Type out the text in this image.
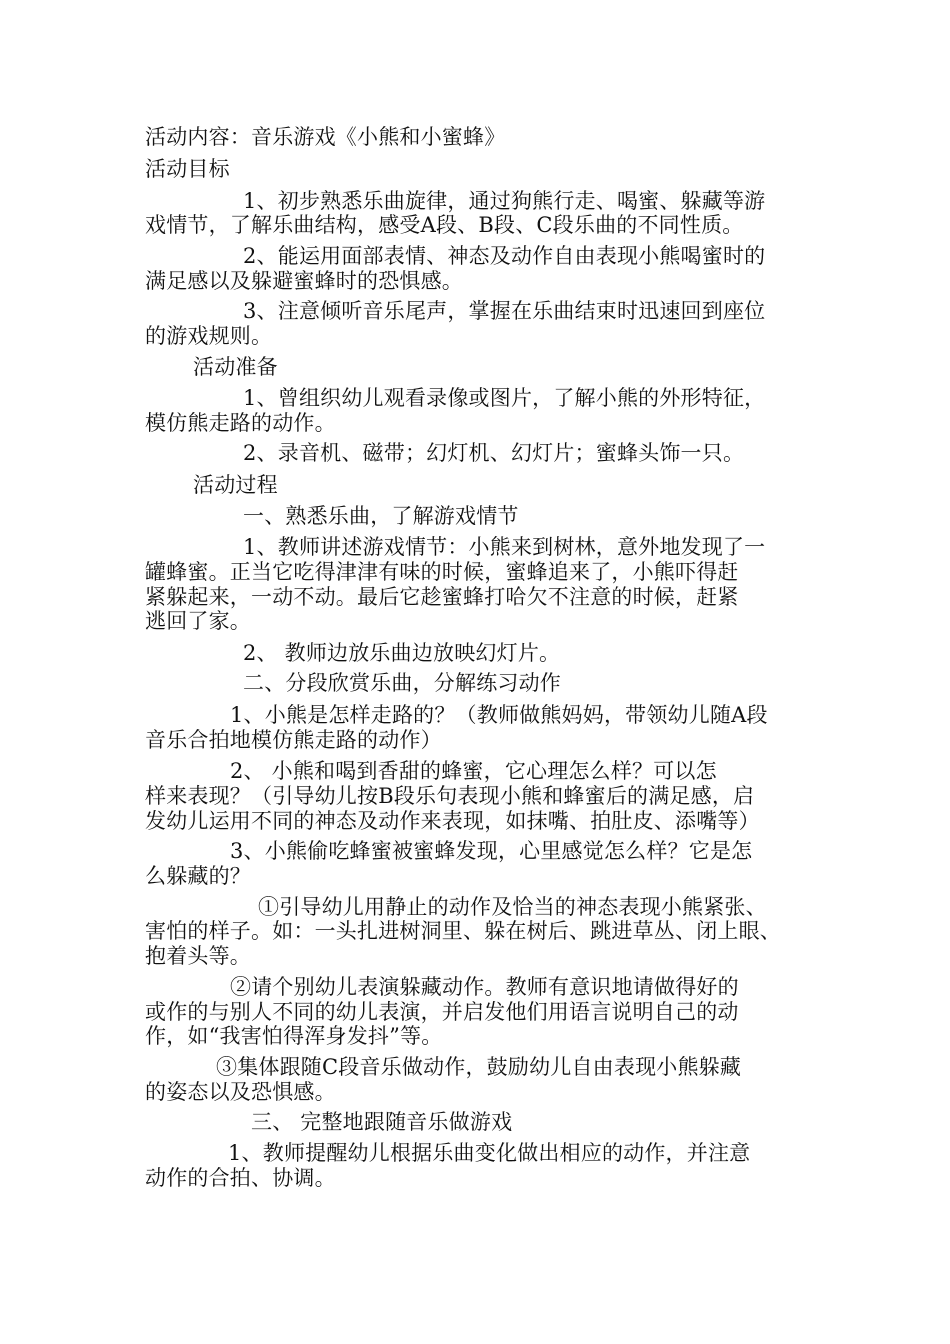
活动内容：音乐游戏《小熊和小蜜蜂》
活动目标
1、初步熟悉乐曲旋律，通过狗熊行走、喝蜜、躲藏等游
戏情节，了解乐曲结构，感受A段、B段、C段乐曲的不同性质。
2、能运用面部表情、神态及动作自由表现小熊喝蜜时的
满足感以及躲避蜜蜂时的恐惧感。
3、注意倾听音乐尾声，掌握在乐曲结束时迅速回到座位
的游戏规则。
活动准备
1、曾组织幼儿观看录像或图片，了解小熊的外形特征，
模仿熊走路的动作。
2、录音机、磁带；幻灯机、幻灯片；蜜蜂头饰一只。
活动过程
一、熟悉乐曲，了解游戏情节
1、教师讲述游戏情节：小熊来到树林，意外地发现了一
罐蜂蜜。正当它吃得津津有味的时候，蜜蜂追来了，小熊吓得赶
紧躲起来，一动不动。最后它趁蜜蜂打哈欠不注意的时候，赶紧
逃回了家。
2、 教师边放乐曲边放映幻灯片。
二、分段欣赏乐曲，分解练习动作
1、小熊是怎样走路的？（教师做熊妈妈，带领幼儿随A段
音乐合拍地模仿熊走路的动作）
2、 小熊和喝到香甜的蜂蜜，它心理怎么样？可以怎
样来表现？（引导幼儿按B段乐句表现小熊和蜂蜜后的满足感，启
发幼儿运用不同的神态及动作来表现，如抹嘴、拍肚皮、添嘴等）
3、小熊偷吃蜂蜜被蜜蜂发现，心里感觉怎么样？它是怎
么躲藏的？
①引导幼儿用静止的动作及恰当的神态表现小熊紧张、
害怕的样子。如：一头扎进树洞里、躲在树后、跳进草丛、闭上眼、
抱着头等。
②请个别幼儿表演躲藏动作。教师有意识地请做得好的
或作的与别人不同的幼儿表演，并启发他们用语言说明自己的动
作，如“我害怕得浑身发抖”等。
③集体跟随C段音乐做动作，鼓励幼儿自由表现小熊躲藏
的姿态以及恐惧感。
三、 完整地跟随音乐做游戏
1、教师提醒幼儿根据乐曲变化做出相应的动作，并注意
动作的合拍、协调。
